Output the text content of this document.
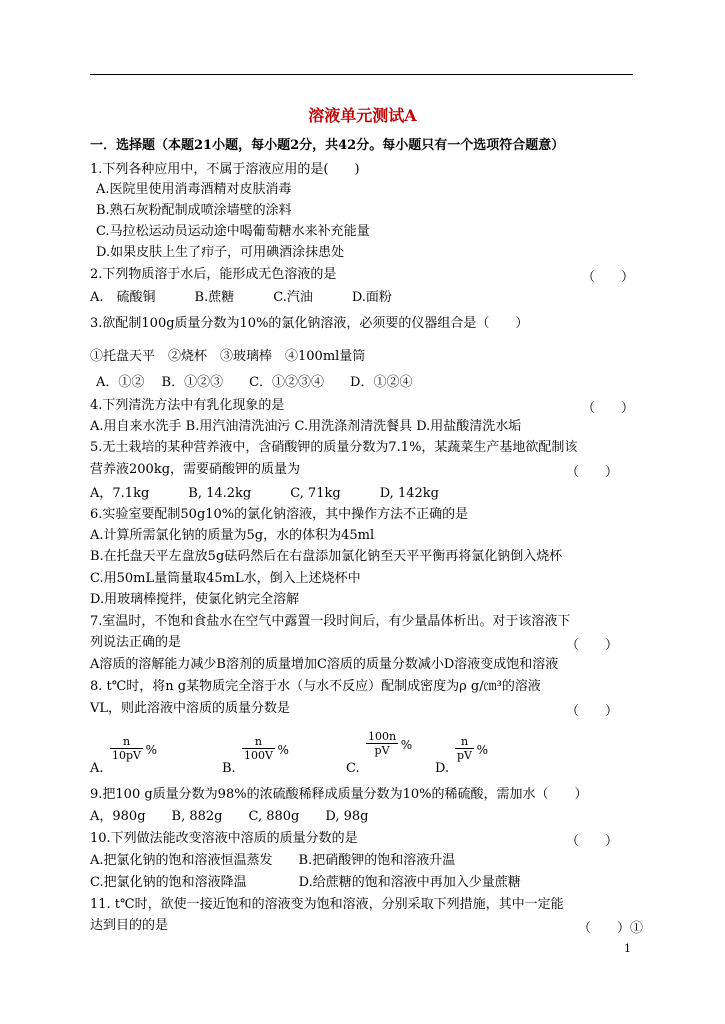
溶液单元测试A
一．选择题（本题21小题，每小题2分，共42分。每小题只有一个选项符合题意）
1.下列各种应用中，不属于溶液应用的是(　　)
A.医院里使用消毒酒精对皮肤消毒
B.熟石灰粉配制成喷涂墙壁的涂料
C.马拉松运动员运动途中喝葡萄糖水来补充能量
D.如果皮肤上生了疖子，可用碘酒涂抹患处
2.下列物质溶于水后，能形成无色溶液的是
A.　硫酸铜　　　B.蔗糖　　　C.汽油　　　D.面粉
3.欲配制100g质量分数为10%的氯化钠溶液，必须要的仪器组合是（　　）
①托盘天平　②烧杯　③玻璃棒　④100ml量筒
A．①②　 B．①②③　　C．①②③④　　D．①②④
4.下列清洗方法中有乳化现象的是
A.用自来水洗手 B.用汽油清洗油污 C.用洗涤剂清洗餐具 D.用盐酸清洗水垢
5.无土栽培的某种营养液中，含硝酸钾的质量分数为7.1%，某蔬菜生产基地欲配制该
营养液200kg，需要硝酸钾的质量为
A，7.1kg　　　B, 14.2kg　　　C, 71kg　　　D, 142kg
6.实验室要配制50g10%的氯化钠溶液，其中操作方法不正确的是
A.计算所需氯化钠的质量为5g，水的体积为45ml
B.在托盘天平左盘放5g砝码然后在右盘添加氯化钠至天平平衡再将氯化钠倒入烧杯
C.用50mL量筒量取45mL水，倒入上述烧杯中
D.用玻璃棒搅拌，使氯化钠完全溶解
7.室温时，不饱和食盐水在空气中露置一段时间后，有少量晶体析出。对于该溶液下
列说法正确的是
A溶质的溶解能力减少B溶剂的质量增加C溶质的质量分数减小D溶液变成饱和溶液
8. t℃时，将n g某物质完全溶于水（与水不反应）配制成密度为ρ g/㎝³的溶液
VL，则此溶液中溶质的质量分数是
9.把100 g质量分数为98%的浓硫酸稀释成质量分数为10%的稀硫酸，需加水（　　）
A，980g　　B, 882g　　C, 880g　　D, 98g
10.下列做法能改变溶液中溶质的质量分数的是
A.把氯化钠的饱和溶液恒温蒸发　　B.把硝酸钾的饱和溶液升温
C.把氯化钠的饱和溶液降温　　　　D.给蔗糖的饱和溶液中再加入少量蔗糖
11. t℃时，欲使一接近饱和的溶液变为饱和溶液，分别采取下列措施，其中一定能
达到目的的是
（　　）
（　　）
（　　）
（　　）
（　　）
（　　）
（　　）①
A.
n
10pV %
B.
n
100V %
C.
100n
pV %
D.
n
pV %
1
